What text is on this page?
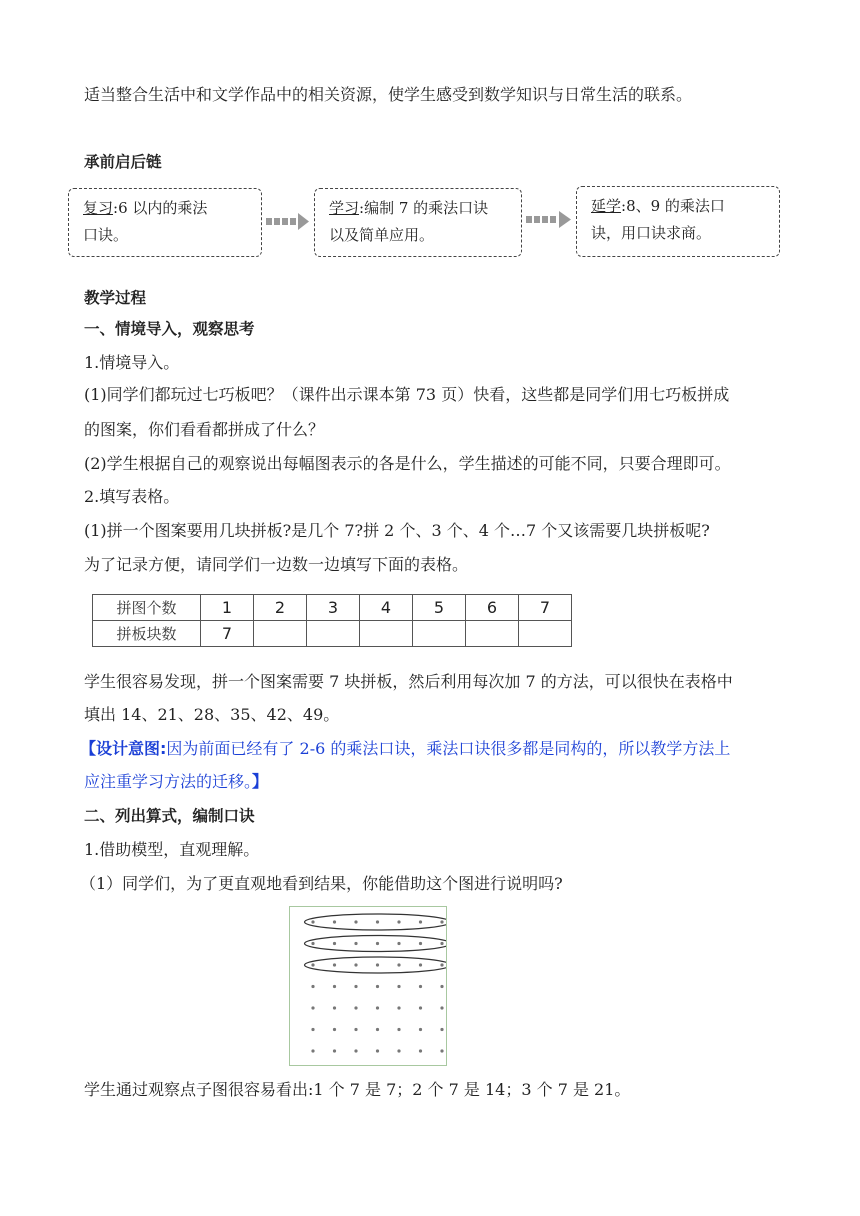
适当整合生活中和文学作品中的相关资源，使学生感受到数学知识与日常生活的联系。
承前启后链
复习:6 以内的乘法
口诀。
学习:编制 7 的乘法口诀
以及简单应用。
延学:8、9 的乘法口
诀，用口诀求商。
教学过程
一、情境导入，观察思考
1.情境导入。
(1)同学们都玩过七巧板吧？（课件出示课本第 73 页）快看，这些都是同学们用七巧板拼成
的图案，你们看看都拼成了什么？
(2)学生根据自己的观察说出每幅图表示的各是什么，学生描述的可能不同，只要合理即可。
2.填写表格。
(1)拼一个图案要用几块拼板?是几个 7?拼 2 个、3 个、4 个…7 个又该需要几块拼板呢?
为了记录方便，请同学们一边数一边填写下面的表格。
拼图个数	1	2	3	4	5	6	7
拼板块数	7						
学生很容易发现，拼一个图案需要 7 块拼板，然后利用每次加 7 的方法，可以很快在表格中
填出 14、21、28、35、42、49。
【设计意图:因为前面已经有了 2-6 的乘法口诀，乘法口诀很多都是同构的，所以教学方法上
应注重学习方法的迁移。】
二、列出算式，编制口诀
1.借助模型，直观理解。
（1）同学们，为了更直观地看到结果，你能借助这个图进行说明吗?
学生通过观察点子图很容易看出:1 个 7 是 7；2 个 7 是 14；3 个 7 是 21。
